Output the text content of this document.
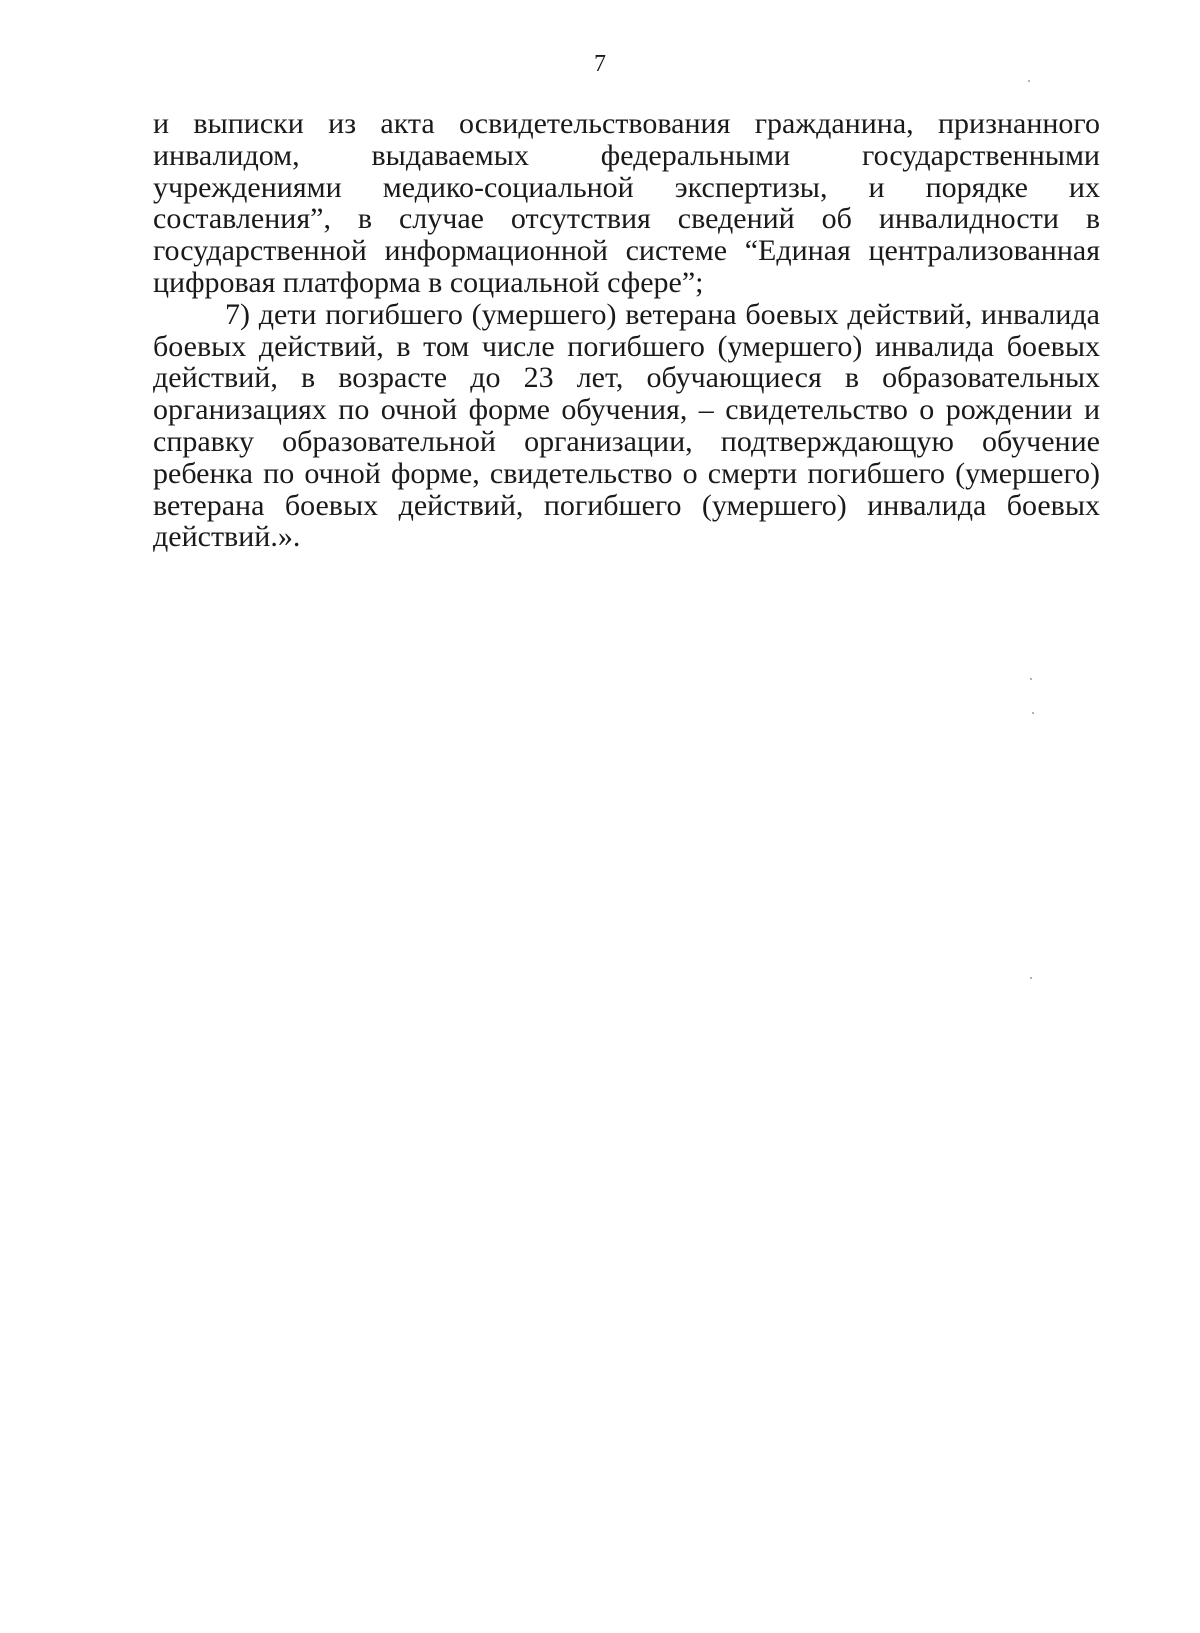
7

и выписки из акта освидетельствования гражданина, признанного инвалидом, выдаваемых федеральными государственными учреждениями медико-социальной экспертизы, и порядке их составления”, в случае отсутствия сведений об инвалидности в государственной информационной системе “Единая централизованная цифровая платформа в социальной сфере”;

7) дети погибшего (умершего) ветерана боевых действий, инвалида боевых действий, в том числе погибшего (умершего) инвалида боевых действий, в возрасте до 23 лет, обучающиеся в образовательных организациях по очной форме обучения, – свидетельство о рождении и справку образовательной организации, подтверждающую обучение ребенка по очной форме, свидетельство о смерти погибшего (умершего) ветерана боевых действий, погибшего (умершего) инвалида боевых действий.».
